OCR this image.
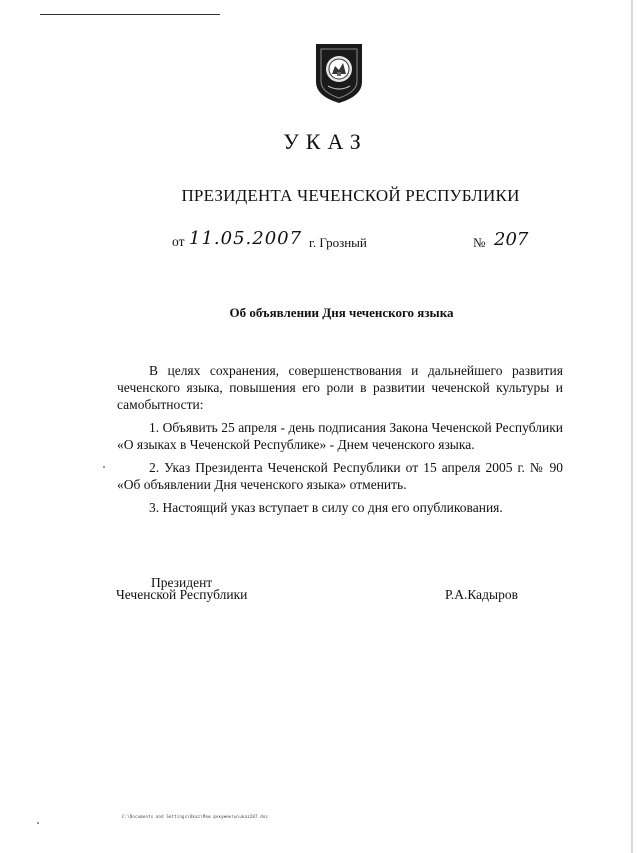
УКАЗ
ПРЕЗИДЕНТА ЧЕЧЕНСКОЙ РЕСПУБЛИКИ
от 11.05.2007 г. Грозный	№ 207
Об объявлении Дня чеченского языка

В целях сохранения, совершенствования и дальнейшего развития чеченского языка, повышения его роли в развитии чеченской культуры и самобытности:

1. Объявить 25 апреля - день подписания Закона Чеченской Республики «О языках в Чеченской Республике» - Днем чеченского языка.

2. Указ Президента Чеченской Республики от 15 апреля 2005 г. № 90 «Об объявлении Дня чеченского языка» отменить.

3. Настоящий указ вступает в силу со дня его опубликования.

Президент
Чеченской Республики	Р.А.Кадыров
C:\Documents and Settings\Ukaz\Мои документы\ukaz207.doc
